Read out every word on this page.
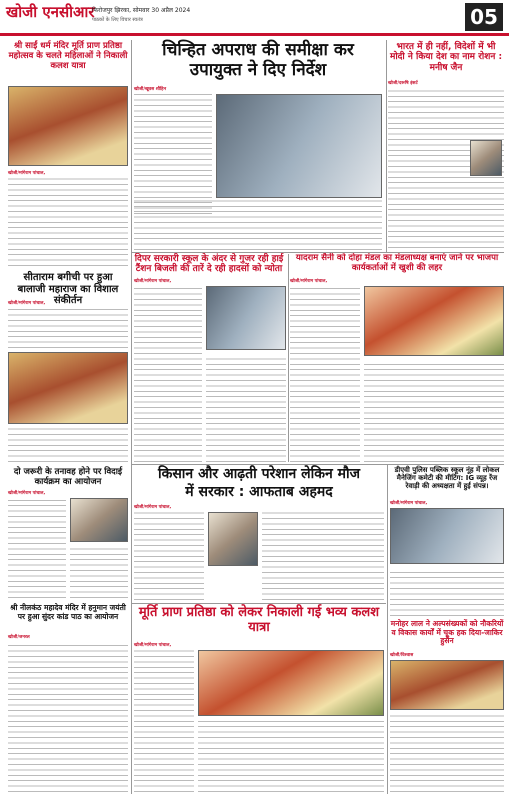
खोजी एनसीआर
फिरोजपुर झिरका, सोमवार 30 अप्रैल 2024
पाठकों के लिए विचार स्वतंत्र	05
श्री साईं धर्म मंदिर मूर्ति प्राण प्रतिष्ठा महोत्सव के चलते महिलाओं ने निकाली कलश यात्रा
खोजी/मांगेराम पांचाल,
चिन्हित अपराध की समीक्षा कर उपायुक्त ने दिए निर्देश
खोजी/खूवस शौहिन
भारत में ही नहीं, विदेशों में भी मोदी ने किया देश का नाम रोशन : मनीष जैन
खोजी/दरूषि इंसर्ट
दिपर सरकारी स्कूल के अंदर से गुजर रही हाई टैंशन बिजली की तारें दे रही हादसों को न्योता
खोजी/मांगेराम पांचाल,
यादराम सैनी को दोहा मंडल का मंडलाध्यक्ष बनाएं जाने पर भाजपा कार्यकर्ताओं में खुशी की लहर
खोजी/मांगेराम पांचाल,
सीताराम बगीची पर हुआ बालाजी महाराज का विशाल संकीर्तन
खोजी/मांगेराम पांचाल,
दो जरूरी के तनावह होने पर विदाई कार्यक्रम का आयोजन
खोजी/मांगेराम पांचाल,
किसान और आढ़ती परेशान लेकिन मौज
में सरकार : आफताब अहमद
खोजी/मांगेराम पांचाल,
डीएवी पुलिस पब्लिक स्कूल नूंह में लोकल मैनेजिंग कमेटी की मीटिंग: IG व्यूह रेंज रेवाड़ी की अध्यक्षता में हुई संपन्न।
खोजी/मांगेराम पांचाल,
श्री नीलकंठ महादेव मंदिर में हनुमान जयंती पर हुआ सुंदर कांड पाठ का आयोजन
खोजी/जनरल
मूर्ति प्राण प्रतिष्ठा को लेकर निकाली गई भव्य कलश यात्रा
खोजी/मांगेराम पांचाल,
मनोहर लाल ने अल्पसंख्यकों को नौकरियों व विकास कार्यों में चूक हक दिया-जाकिर हुसैन
खोजी/विश्वास
